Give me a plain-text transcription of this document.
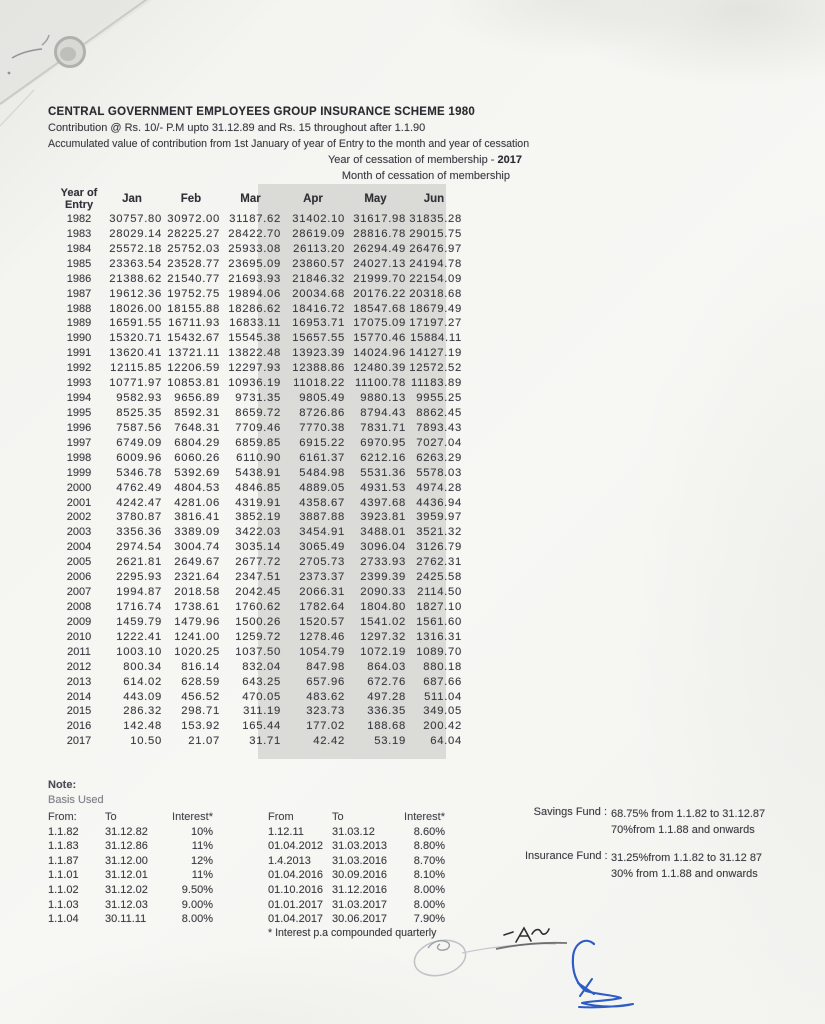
CENTRAL GOVERNMENT EMPLOYEES GROUP INSURANCE SCHEME 1980
Contribution @ Rs. 10/- P.M upto 31.12.89 and Rs. 15 throughout after 1.1.90
Accumulated value of contribution from 1st January of year of Entry to the month and year of cessation
Year of cessation of membership - 2017
Month of cessation of membership
Year of
Entry	Jan	Feb	Mar	Apr	May	Jun
1982	30757.80 30972.00 31187.62 31402.10 31617.98 31835.28
1983	28029.14 28225.27 28422.70 28619.09 28816.78 29015.75
1984	25572.18 25752.03 25933.08	26113.20 26294.49 26476.97
1985	23363.54 23528.77 23695.09 23860.57 24027.13 24194.78
1986	21388.62 21540.77 21693.93 21846.32 21999.70 22154.09
1987	19612.36 19752.75 19894.06 20034.68 20176.22 20318.68
1988	18026.00 18155.88 18286.62 18416.72 18547.68 18679.49
1989	16591.55 16711.93 16833.11 16953.71 17075.09 17197.27
1990	15320.71 15432.67 15545.38 15657.55 15770.46 15884.11
1991	13620.41 13721.11 13822.48 13923.39 14024.96 14127.19
1992	12115.85 12206.59 12297.93 12388.86 12480.39 12572.52
1993	10771.97 10853.81 10936.19	11018.22 11100.78 11183.89
1994	9582.93	9656.89	9731.35	9805.49	9880.13 9955.25
1995	8525.35	8592.31	8659.72	8726.86	8794.43 8862.45
1996	7587.56	7648.31	7709.46	7770.38	7831.71 7893.43
1997	6749.09	6804.29	6859.85	6915.22	6970.95 7027.04
1998	6009.96	6060.26	6110.90	6161.37	6212.16 6263.29
1999	5346.78	5392.69	5438.91	5484.98	5531.36 5578.03
2000	4762.49	4804.53	4846.85	4889.05	4931.53 4974.28
2001	4242.47	4281.06	4319.91	4358.67	4397.68 4436.94
2002	3780.87	3816.41	3852.19	3887.88	3923.81 3959.97
2003	3356.36	3389.09	3422.03	3454.91	3488.01 3521.32
2004	2974.54	3004.74	3035.14	3065.49	3096.04 3126.79
2005	2621.81	2649.67	2677.72	2705.73	2733.93 2762.31
2006	2295.93	2321.64	2347.51	2373.37	2399.39 2425.58
2007	1994.87	2018.58	2042.45	2066.31	2090.33 2114.50
2008	1716.74	1738.61	1760.62	1782.64	1804.80 1827.10
2009	1459.79	1479.96	1500.26	1520.57	1541.02 1561.60
2010	1222.41	1241.00	1259.72	1278.46	1297.32 1316.31
2011	1003.10	1020.25	1037.50	1054.79	1072.19 1089.70
2012	800.34	816.14	832.04	847.98	864.03	880.18
2013	614.02	628.59	643.25	657.96	672.76	687.66
2014	443.09	456.52	470.05	483.62	497.28	511.04
2015	286.32	298.71	311.19	323.73	336.35	349.05
2016	142.48	153.92	165.44	177.02	188.68	200.42
2017	10.50	21.07	31.71	42.42	53.19	64.04
Note:
Basis Used
From:	To	Interest*
1.1.82	31.12.82	10%
1.1.83	31.12.86	11%
1.1.87	31.12.00	12%
1.1.01	31.12.01	11%
1.1.02	31.12.02	9.50%
1.1.03	31.12.03	9.00%
1.1.04	30.11.11	8.00%
From	To	Interest*
1.12.11	31.03.12	8.60%
01.04.2012 31.03.2013	8.80%
1.4.2013	31.03.2016	8.70%
01.04.2016 30.09.2016	8.10%
01.10.2016 31.12.2016	8.00%
01.01.2017 31.03.2017	8.00%
01.04.2017 30.06.2017	7.90%
* Interest p.a compounded quarterly
Savings Fund : 68.75% from 1.1.82 to 31.12.87
70%from 1.1.88 and onwards
Insurance Fund : 31.25%from 1.1.82 to 31.12 87
30% from 1.1.88 and onwards
